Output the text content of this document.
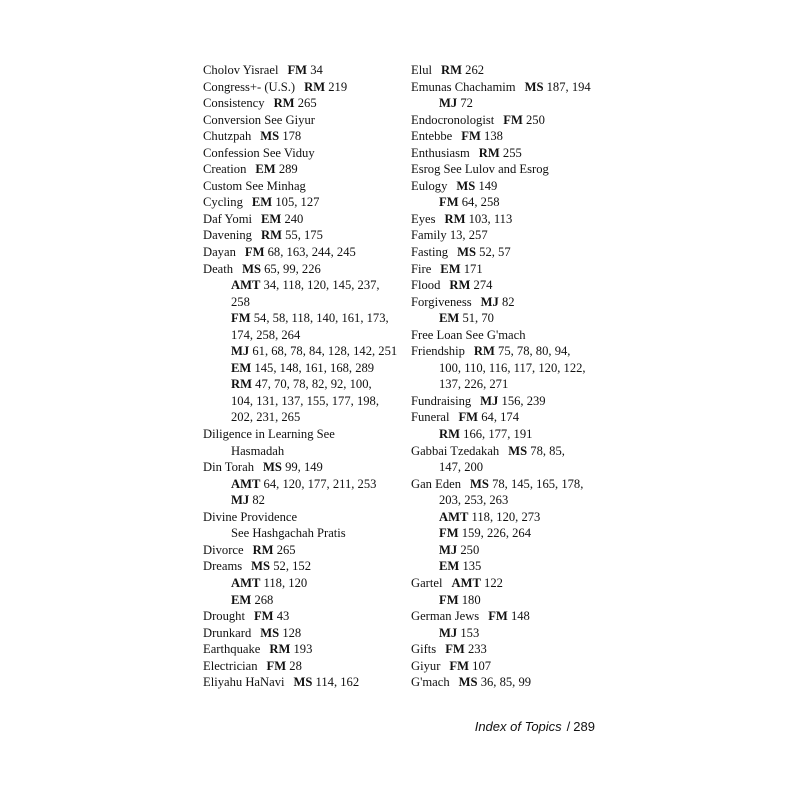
Cholov Yisrael FM 34
Congress+- (U.S.) RM 219
Consistency RM 265
Conversion See Giyur
Chutzpah MS 178
Confession See Viduy
Creation EM 289
Custom See Minhag
Cycling EM 105, 127
Daf Yomi EM 240
Davening RM 55, 175
Dayan FM 68, 163, 244, 245
Death MS 65, 99, 226
AMT 34, 118, 120, 145, 237,
258
FM 54, 58, 118, 140, 161, 173,
174, 258, 264
MJ 61, 68, 78, 84, 128, 142, 251
EM 145, 148, 161, 168, 289
RM 47, 70, 78, 82, 92, 100,
104, 131, 137, 155, 177, 198,
202, 231, 265
Diligence in Learning See
Hasmadah
Din Torah MS 99, 149
AMT 64, 120, 177, 211, 253
MJ 82
Divine Providence
See Hashgachah Pratis
Divorce RM 265
Dreams MS 52, 152
AMT 118, 120
EM 268
Drought FM 43
Drunkard MS 128
Earthquake RM 193
Electrician FM 28
Eliyahu HaNavi MS 114, 162
Elul RM 262
Emunas Chachamim MS 187, 194
MJ 72
Endocronologist FM 250
Entebbe FM 138
Enthusiasm RM 255
Esrog See Lulov and Esrog
Eulogy MS 149
FM 64, 258
Eyes RM 103, 113
Family 13, 257
Fasting MS 52, 57
Fire EM 171
Flood RM 274
Forgiveness MJ 82
EM 51, 70
Free Loan See G'mach
Friendship RM 75, 78, 80, 94,
100, 110, 116, 117, 120, 122,
137, 226, 271
Fundraising MJ 156, 239
Funeral FM 64, 174
RM 166, 177, 191
Gabbai Tzedakah MS 78, 85,
147, 200
Gan Eden MS 78, 145, 165, 178,
203, 253, 263
AMT 118, 120, 273
FM 159, 226, 264
MJ 250
EM 135
Gartel AMT 122
FM 180
German Jews FM 148
MJ 153
Gifts FM 233
Giyur FM 107
G'mach MS 36, 85, 99
Index of Topics / 289
